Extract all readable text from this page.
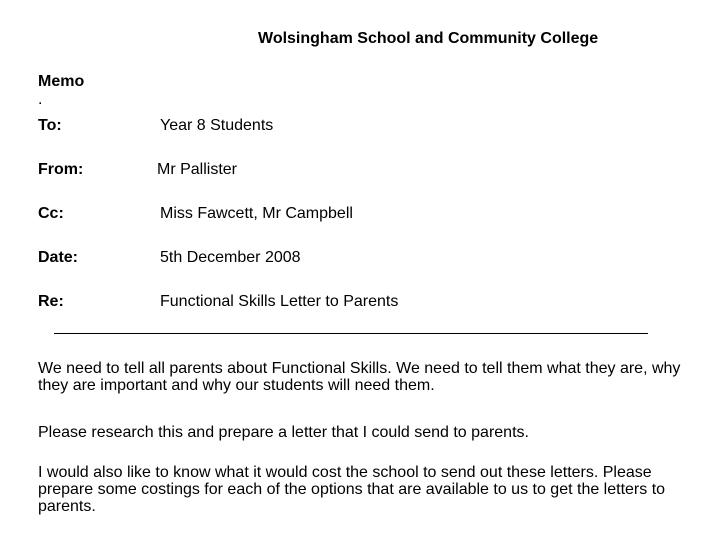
Wolsingham School and Community College
Memo
.
To:	Year 8 Students
From:	Mr Pallister
Cc:	Miss Fawcett, Mr Campbell
Date:	5th December 2008
Re:	Functional Skills Letter to Parents
We need to tell all parents about Functional Skills. We need to tell them what they are, why they are important and why our students will need them.
Please research this and prepare a letter that I could send to parents.
I would also like to know what it would cost the school to send out these letters. Please prepare some costings for each of the options that are available to us to get the letters to parents.
